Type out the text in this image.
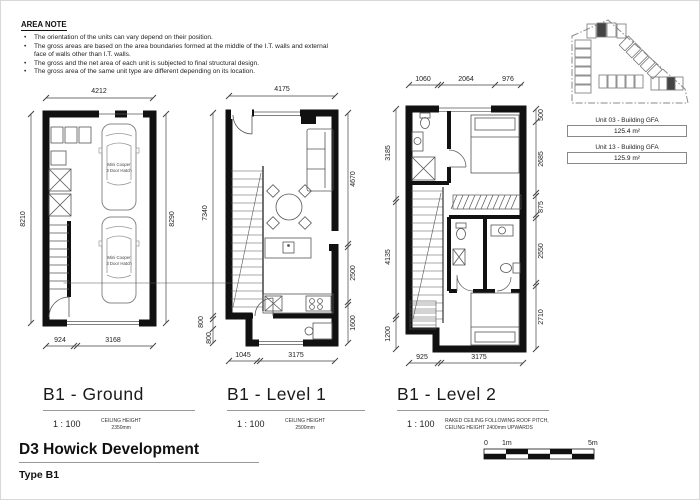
AREA NOTE
• The orientation of the units can vary depend on their position.
• The gross areas are based on the area boundaries formed at the middle of the I.T. walls and external face of walls other than I.T. walls.
• The gross and the net area of each unit is subjected to final structural design.
• The gross area of the same unit type are different depending on its location.
Unit 03 - Building GFA
125.4 m²
Unit 13 - Building GFA
125.9 m²
Mini Cooper
3 Door Hatch
Mini Cooper
3 Door Hatch
4212
8210	8290
924	3168
4175
7340
800
800
4670
2500
1600
1045	3175
1060	2064	976
3185
4135
1200
500
2685
875
2550
2710
925	3175
B1 - Ground
1 : 100	CEILING HEIGHT
2350mm
B1 - Level 1
1 : 100	CEILING HEIGHT
2500mm
B1 - Level 2
1 : 100 RAKED CEILING FOLLOWING ROOF PITCH,
CEILING HEIGHT 2400mm UPWARDS
D3 Howick Development
Type B1
0 1m	5m
